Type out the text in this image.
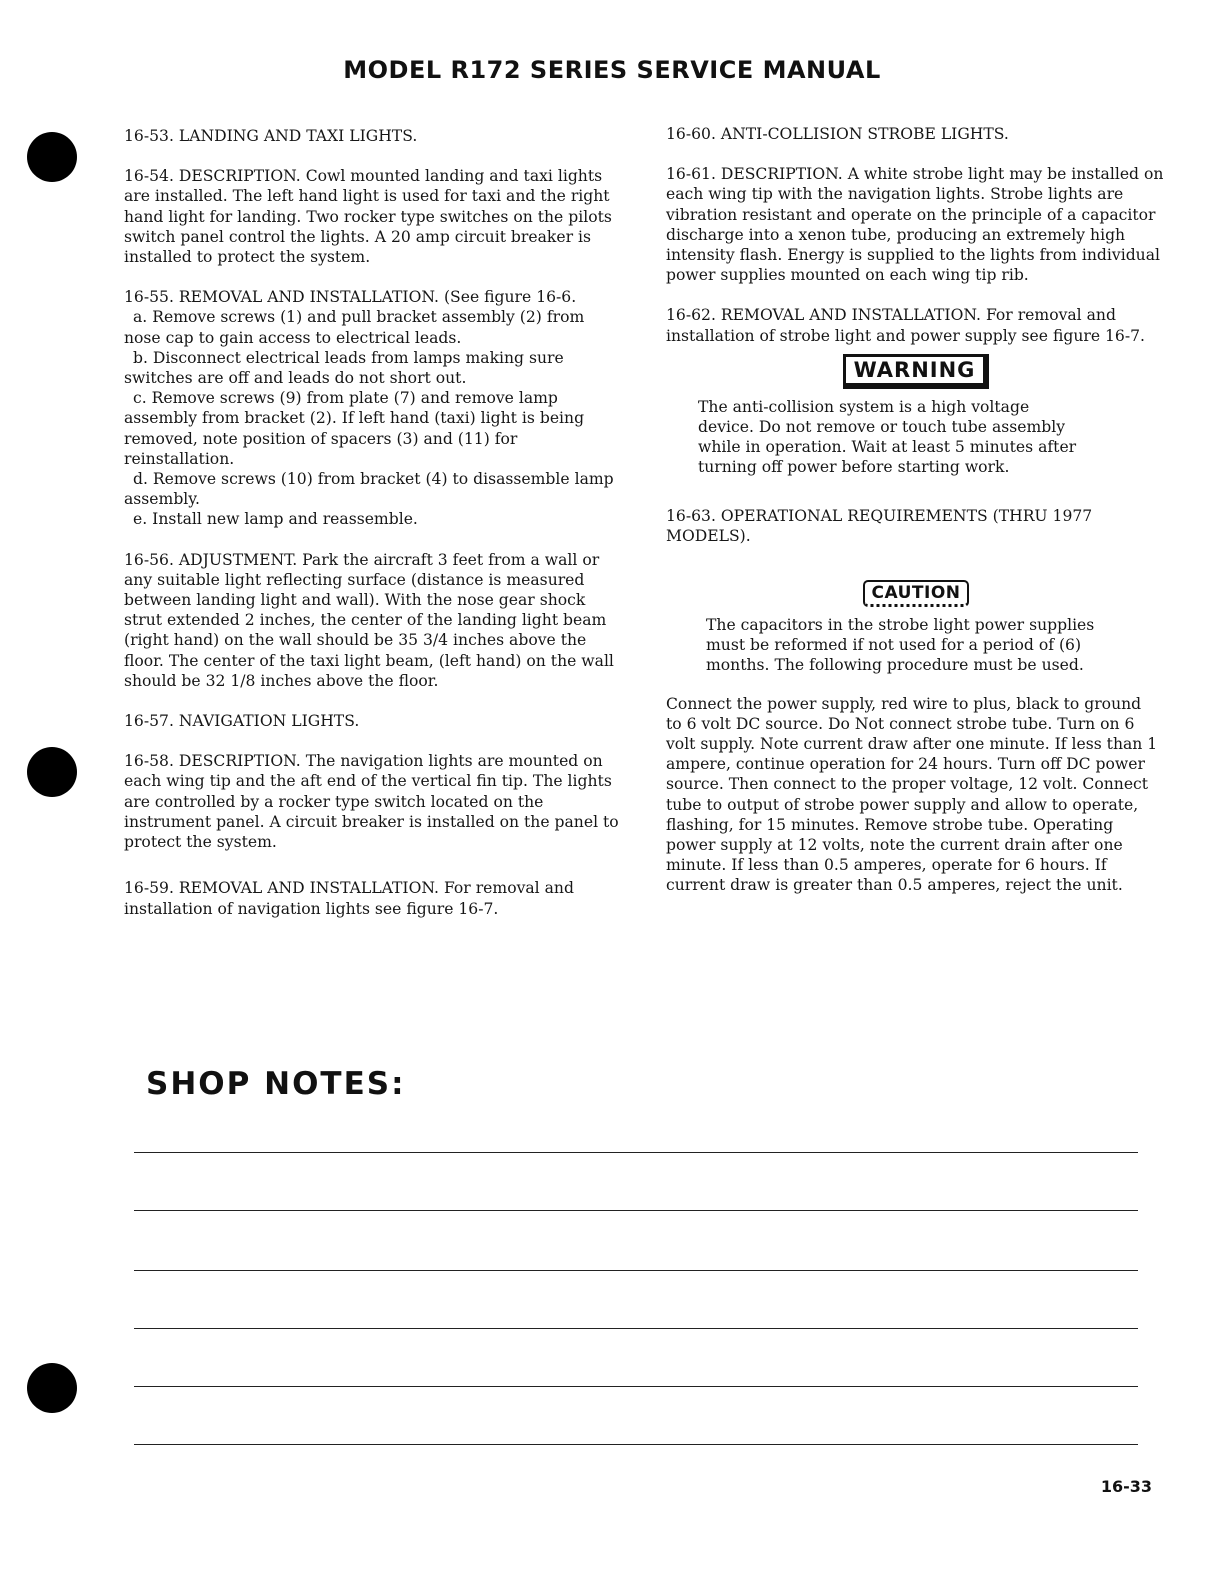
MODEL R172 SERIES SERVICE MANUAL

16-53. LANDING AND TAXI LIGHTS.

16-54. DESCRIPTION. Cowl mounted landing and taxi lights are installed. The left hand light is used for taxi and the right hand light for landing. Two rocker type switches on the pilots switch panel control the lights. A 20 amp circuit breaker is installed to protect the system.

16-55. REMOVAL AND INSTALLATION. (See figure 16-6.

a. Remove screws (1) and pull bracket assembly (2) from nose cap to gain access to electrical leads.

b. Disconnect electrical leads from lamps making sure switches are off and leads do not short out.

c. Remove screws (9) from plate (7) and remove lamp assembly from bracket (2). If left hand (taxi) light is being removed, note position of spacers (3) and (11) for reinstallation.

d. Remove screws (10) from bracket (4) to disassemble lamp assembly.

e. Install new lamp and reassemble.

16-56. ADJUSTMENT. Park the aircraft 3 feet from a wall or any suitable light reflecting surface (distance is measured between landing light and wall). With the nose gear shock strut extended 2 inches, the center of the landing light beam (right hand) on the wall should be 35 3/4 inches above the floor. The center of the taxi light beam, (left hand) on the wall should be 32 1/8 inches above the floor.

16-57. NAVIGATION LIGHTS.

16-58. DESCRIPTION. The navigation lights are mounted on each wing tip and the aft end of the vertical fin tip. The lights are controlled by a rocker type switch located on the instrument panel. A circuit breaker is installed on the panel to protect the system.

16-59. REMOVAL AND INSTALLATION. For removal and installation of navigation lights see figure 16-7.

16-60. ANTI-COLLISION STROBE LIGHTS.

16-61. DESCRIPTION. A white strobe light may be installed on each wing tip with the navigation lights. Strobe lights are vibration resistant and operate on the principle of a capacitor discharge into a xenon tube, producing an extremely high intensity flash. Energy is supplied to the lights from individual power supplies mounted on each wing tip rib.

16-62. REMOVAL AND INSTALLATION. For removal and installation of strobe light and power supply see figure 16-7.

WARNING

The anti-collision system is a high voltage device. Do not remove or touch tube assembly while in operation. Wait at least 5 minutes after turning off power before starting work.

16-63. OPERATIONAL REQUIREMENTS (THRU 1977 MODELS).

CAUTION

The capacitors in the strobe light power supplies must be reformed if not used for a period of (6) months. The following procedure must be used.

Connect the power supply, red wire to plus, black to ground to 6 volt DC source. Do Not connect strobe tube. Turn on 6 volt supply. Note current draw after one minute. If less than 1 ampere, continue operation for 24 hours. Turn off DC power source. Then connect to the proper voltage, 12 volt. Connect tube to output of strobe power supply and allow to operate, flashing, for 15 minutes. Remove strobe tube. Operating power supply at 12 volts, note the current drain after one minute. If less than 0.5 amperes, operate for 6 hours. If current draw is greater than 0.5 amperes, reject the unit.

SHOP NOTES:
16-33
